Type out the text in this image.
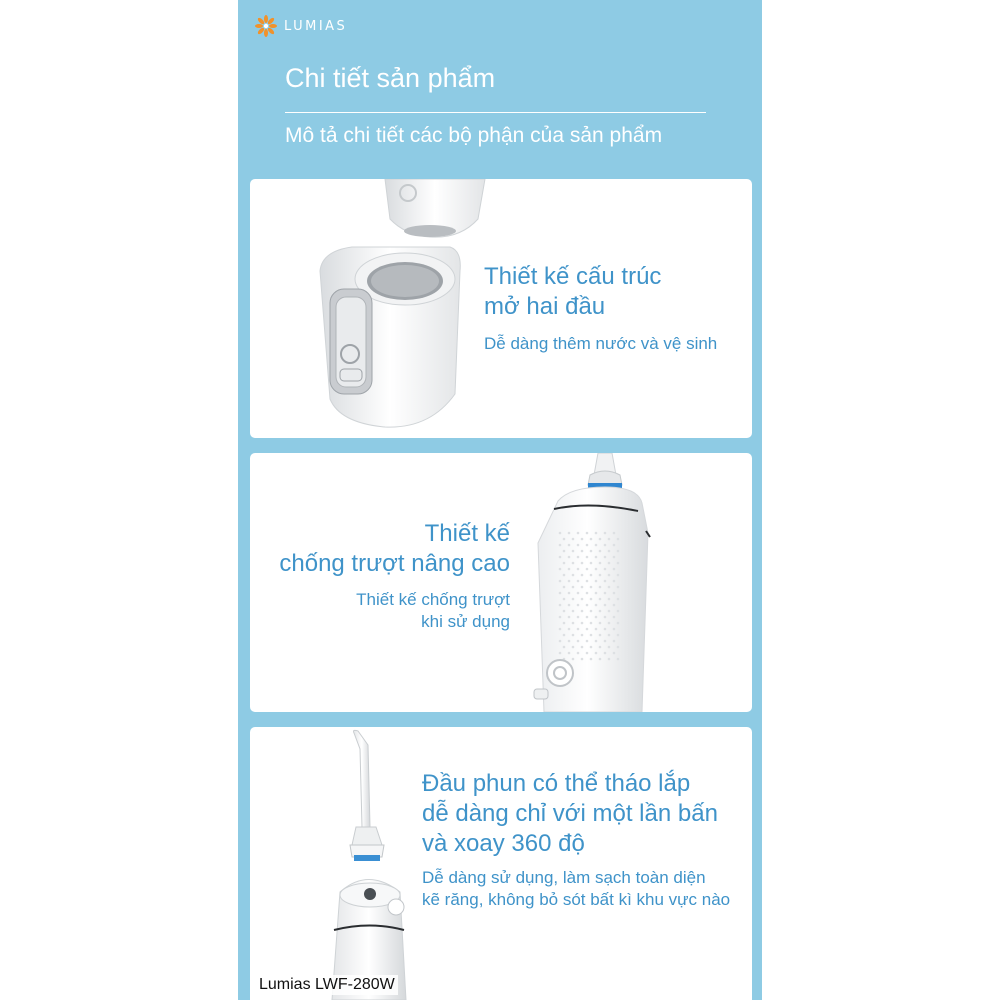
LUMIAS
Chi tiết sản phẩm
Mô tả chi tiết các bộ phận của sản phẩm
Thiết kế cấu trúc
mở hai đầu
Dễ dàng thêm nước và vệ sinh
Thiết kế
chống trượt nâng cao
Thiết kế chống trượt
khi sử dụng
Đầu phun có thể tháo lắp
dễ dàng chỉ với một lần bấn
và xoay 360 độ
Dễ dàng sử dụng, làm sạch toàn diện
kẽ răng, không bỏ sót bất kì khu vực nào
Lumias LWF-280W
